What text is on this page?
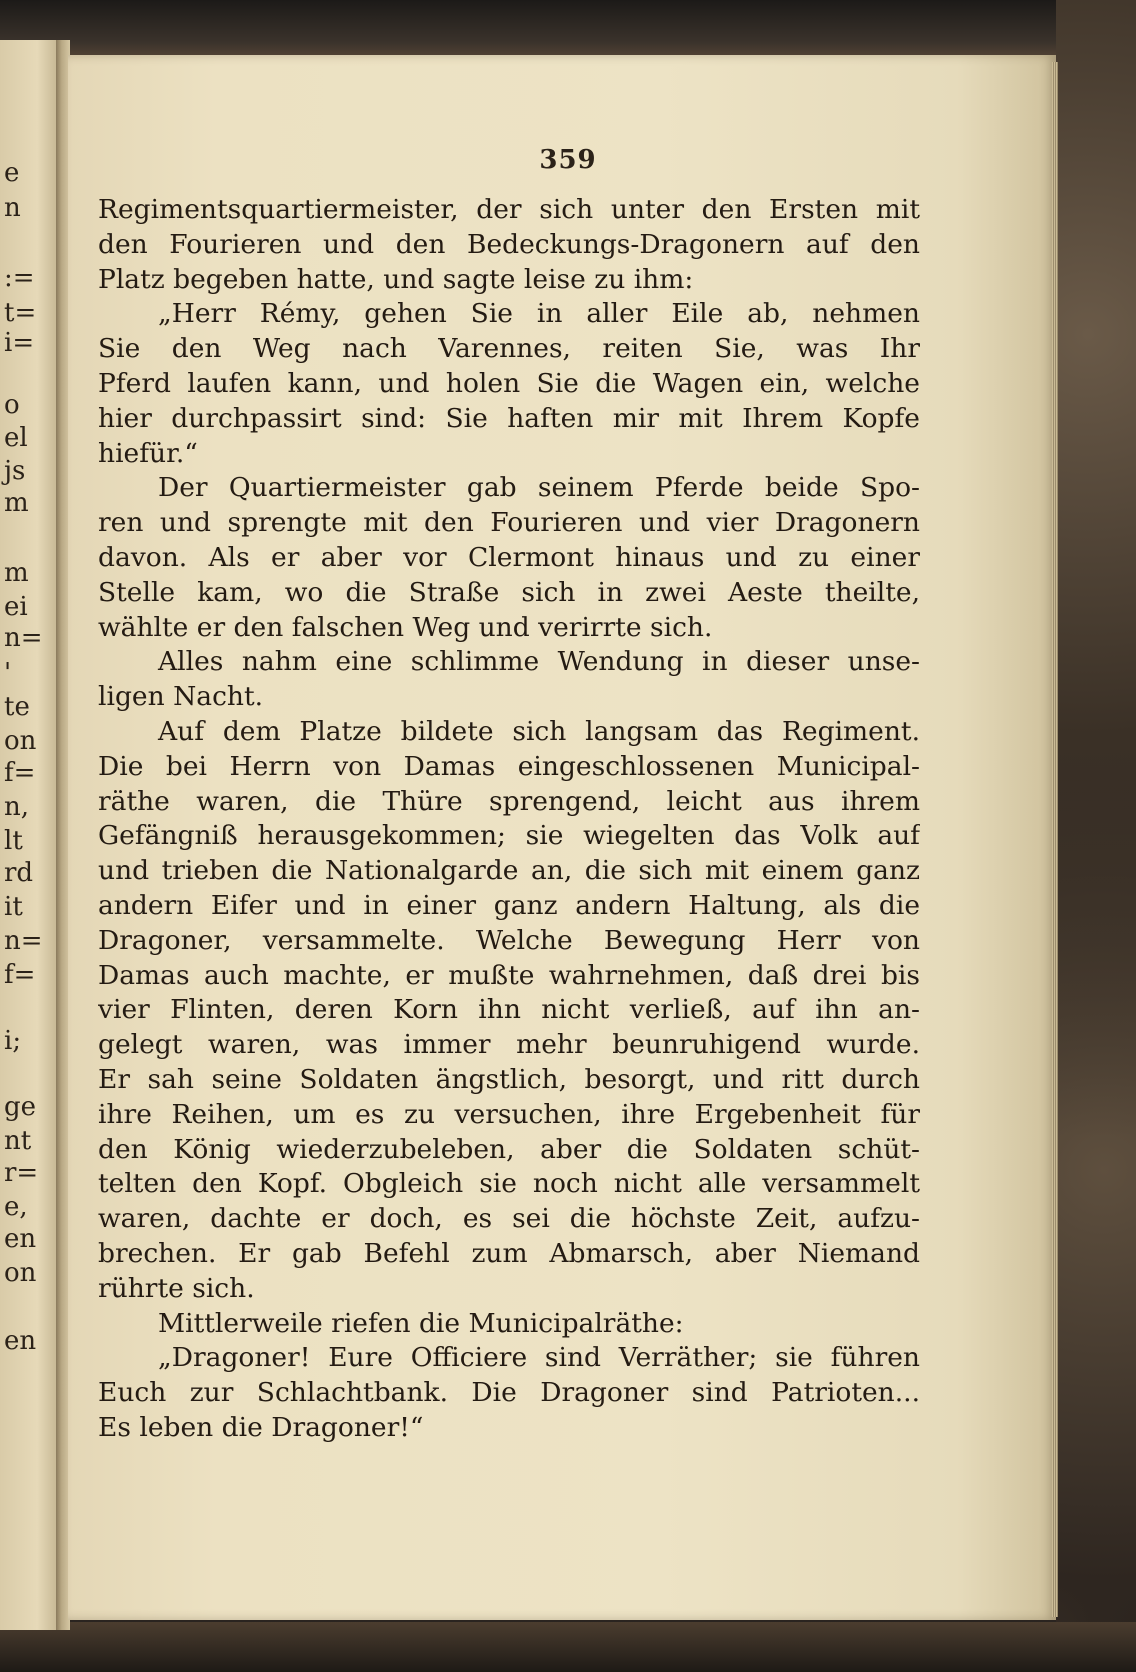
e
n
:=
t=
i=
o
el
js
m
m
ei
n=
'
te
on
f=
n,
lt
rd
it
n=
f=
i;
ge
nt
r=
e,
en
on
en
359
Regimentsquartiermeister, der sich unter den Ersten mit
den Fourieren und den Bedeckungs-Dragonern auf den
Platz begeben hatte, und sagte leise zu ihm:
„Herr Rémy, gehen Sie in aller Eile ab, nehmen
Sie den Weg nach Varennes, reiten Sie, was Ihr
Pferd laufen kann, und holen Sie die Wagen ein, welche
hier durchpassirt sind: Sie haften mir mit Ihrem Kopfe
hiefür.“
Der Quartiermeister gab seinem Pferde beide Spo-
ren und sprengte mit den Fourieren und vier Dragonern
davon. Als er aber vor Clermont hinaus und zu einer
Stelle kam, wo die Straße sich in zwei Aeste theilte,
wählte er den falschen Weg und verirrte sich.
Alles nahm eine schlimme Wendung in dieser unse-
ligen Nacht.
Auf dem Platze bildete sich langsam das Regiment.
Die bei Herrn von Damas eingeschlossenen Municipal-
räthe waren, die Thüre sprengend, leicht aus ihrem
Gefängniß herausgekommen; sie wiegelten das Volk auf
und trieben die Nationalgarde an, die sich mit einem ganz
andern Eifer und in einer ganz andern Haltung, als die
Dragoner, versammelte. Welche Bewegung Herr von
Damas auch machte, er mußte wahrnehmen, daß drei bis
vier Flinten, deren Korn ihn nicht verließ, auf ihn an-
gelegt waren, was immer mehr beunruhigend wurde.
Er sah seine Soldaten ängstlich, besorgt, und ritt durch
ihre Reihen, um es zu versuchen, ihre Ergebenheit für
den König wiederzubeleben, aber die Soldaten schüt-
telten den Kopf. Obgleich sie noch nicht alle versammelt
waren, dachte er doch, es sei die höchste Zeit, aufzu-
brechen. Er gab Befehl zum Abmarsch, aber Niemand
rührte sich.
Mittlerweile riefen die Municipalräthe:
„Dragoner! Eure Officiere sind Verräther; sie führen
Euch zur Schlachtbank. Die Dragoner sind Patrioten...
Es leben die Dragoner!“
